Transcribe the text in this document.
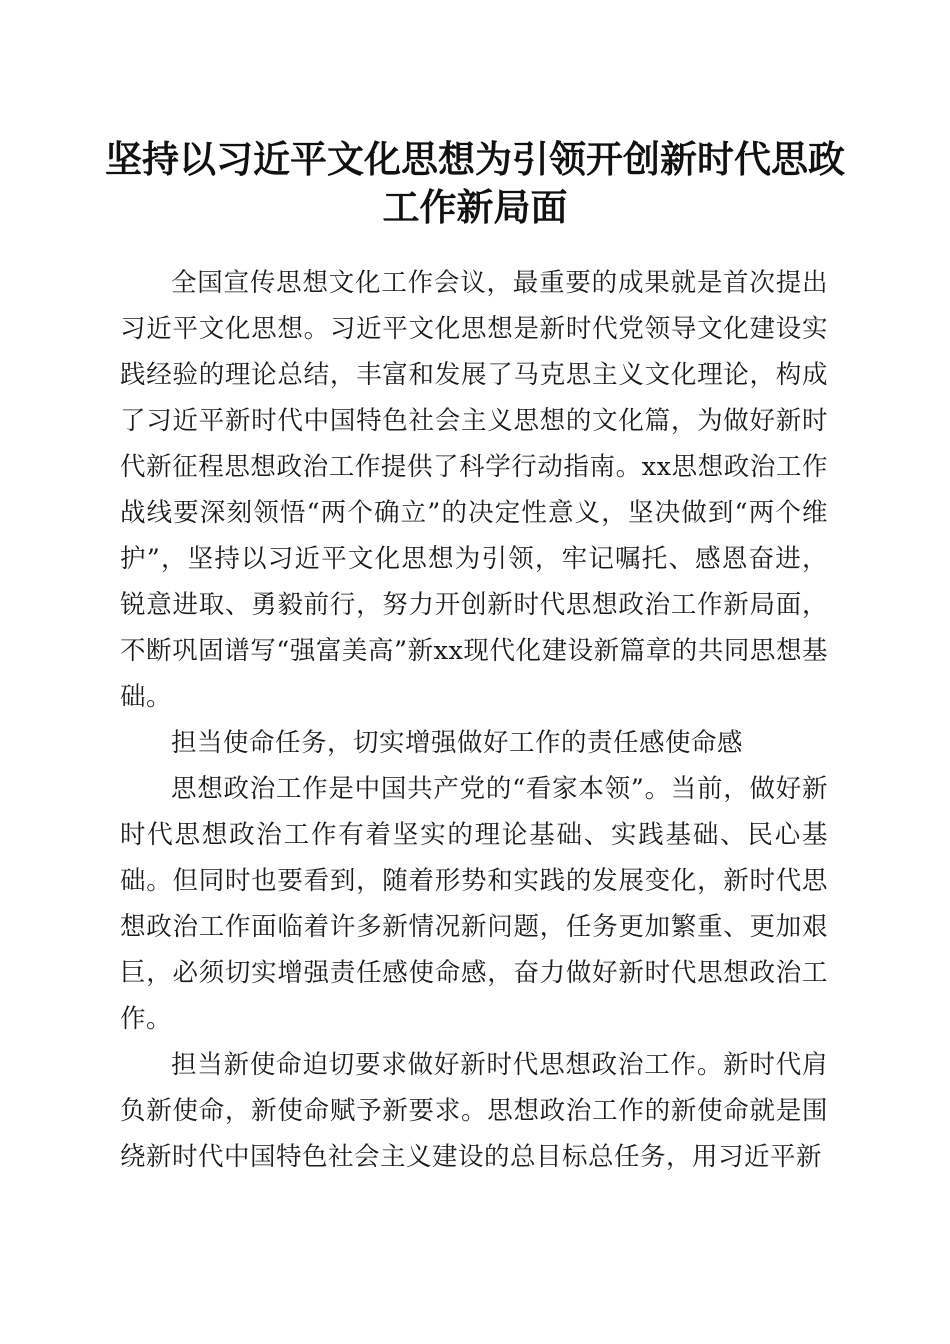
坚持以习近平文化思想为引领开创新时代思政
工作新局面

全国宣传思想文化工作会议，最重要的成果就是首次提出习近平文化思想。习近平文化思想是新时代党领导文化建设实践经验的理论总结，丰富和发展了马克思主义文化理论，构成了习近平新时代中国特色社会主义思想的文化篇，为做好新时代新征程思想政治工作提供了科学行动指南。xx思想政治工作战线要深刻领悟“两个确立”的决定性意义，坚决做到“两个维护”，坚持以习近平文化思想为引领，牢记嘱托、感恩奋进，锐意进取、勇毅前行，努力开创新时代思想政治工作新局面，不断巩固谱写“强富美高”新xx现代化建设新篇章的共同思想基础。

担当使命任务，切实增强做好工作的责任感使命感

思想政治工作是中国共产党的“看家本领”。当前，做好新时代思想政治工作有着坚实的理论基础、实践基础、民心基础。但同时也要看到，随着形势和实践的发展变化，新时代思想政治工作面临着许多新情况新问题，任务更加繁重、更加艰巨，必须切实增强责任感使命感，奋力做好新时代思想政治工作。

担当新使命迫切要求做好新时代思想政治工作。新时代肩负新使命，新使命赋予新要求。思想政治工作的新使命就是围绕新时代中国特色社会主义建设的总目标总任务，用习近平新
